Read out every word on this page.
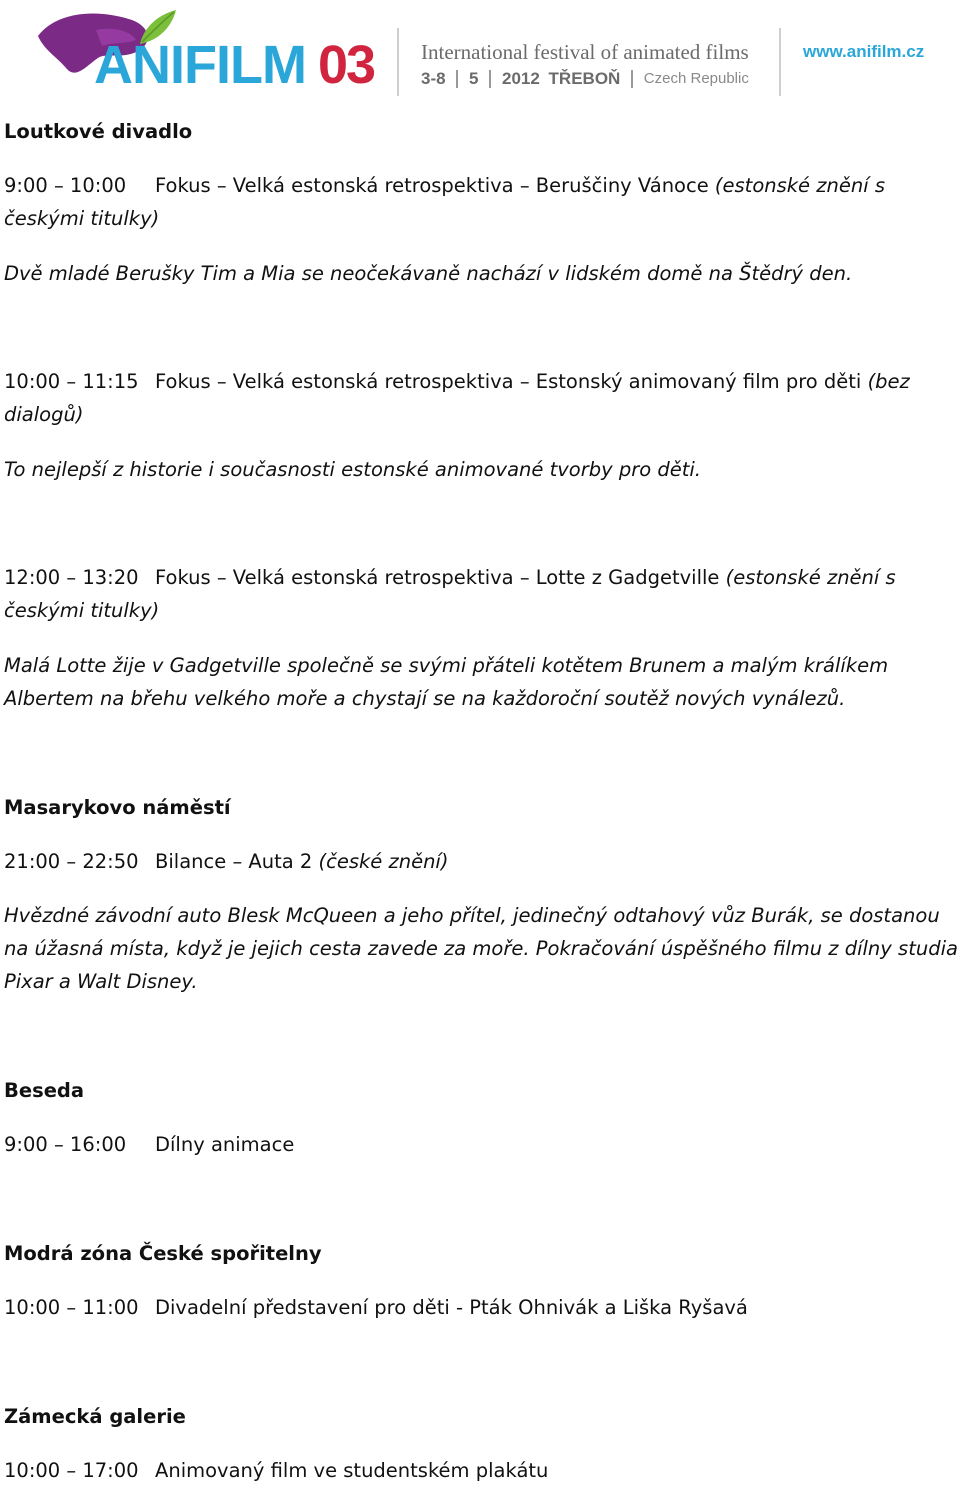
ANIFILM 03 International festival of animated films
3-8 5 2012 TŘEBOŇ Czech Republic
www.anifilm.cz

Loutkové divadlo

9:00 – 10:00 Fokus – Velká estonská retrospektiva – Beruščiny Vánoce (estonské znění s českými titulky)

Dvě mladé Berušky Tim a Mia se neočekávaně nachází v lidském domě na Štědrý den.

10:00 – 11:15 Fokus – Velká estonská retrospektiva – Estonský animovaný film pro děti (bez dialogů)

To nejlepší z historie i současnosti estonské animované tvorby pro děti.

12:00 – 13:20 Fokus – Velká estonská retrospektiva – Lotte z Gadgetville (estonské znění s českými titulky)

Malá Lotte žije v Gadgetville společně se svými přáteli kotětem Brunem a malým králíkem Albertem na břehu velkého moře a chystají se na každoroční soutěž nových vynálezů.

Masarykovo náměstí

21:00 – 22:50 Bilance – Auta 2 (české znění)

Hvězdné závodní auto Blesk McQueen a jeho přítel, jedinečný odtahový vůz Burák, se dostanou na úžasná místa, když je jejich cesta zavede za moře. Pokračování úspěšného filmu z dílny studia Pixar a Walt Disney.

Beseda

9:00 – 16:00 Dílny animace

Modrá zóna České spořitelny

10:00 – 11:00 Divadelní představení pro děti - Pták Ohnivák a Liška Ryšavá

Zámecká galerie

10:00 – 17:00 Animovaný film ve studentském plakátu
